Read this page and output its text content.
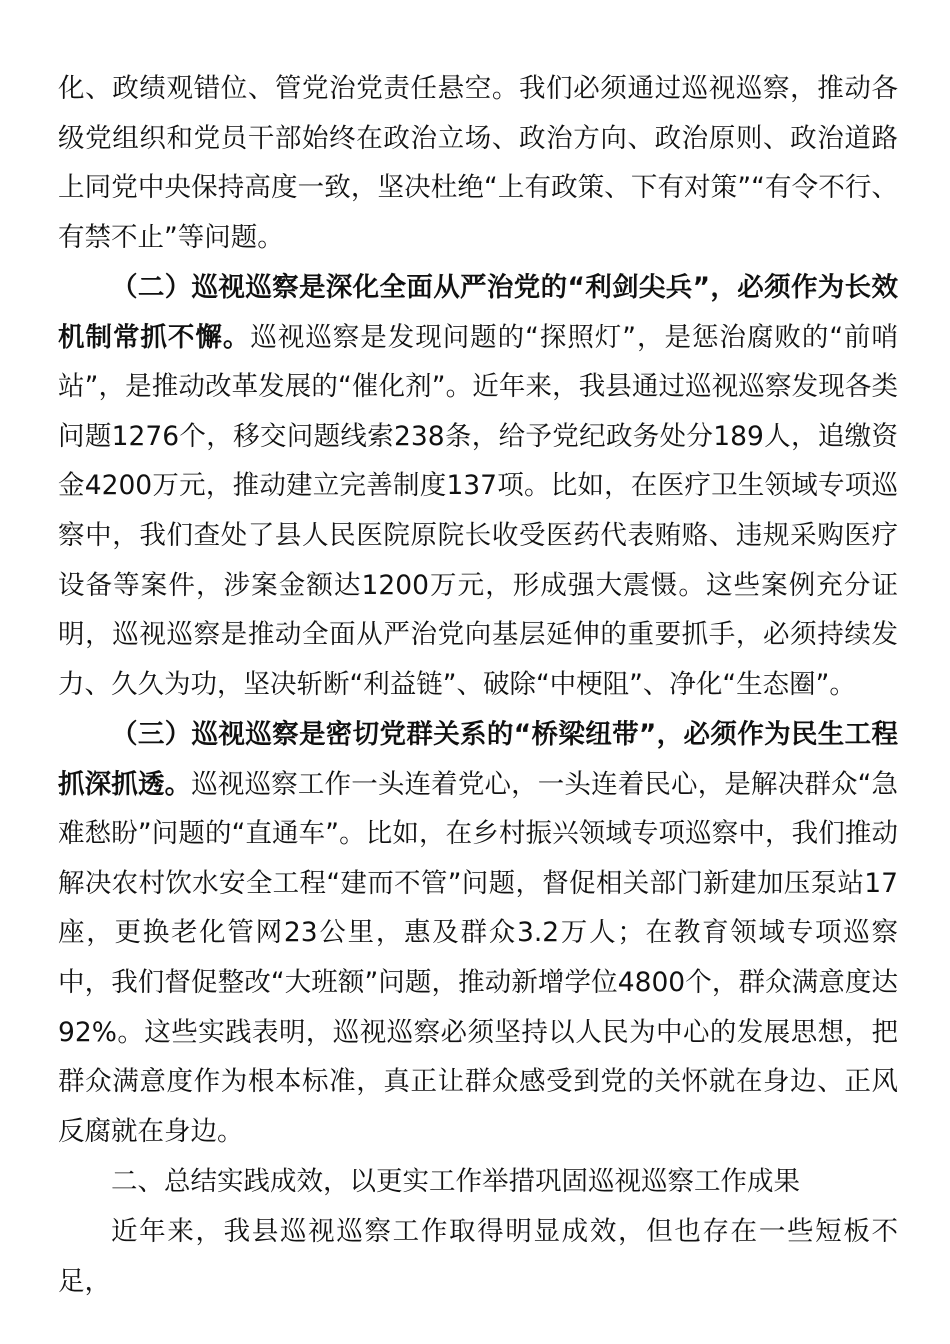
化、政绩观错位、管党治党责任悬空。我们必须通过巡视巡察，推动各级党组织和党员干部始终在政治立场、政治方向、政治原则、政治道路上同党中央保持高度一致，坚决杜绝“上有政策、下有对策”“有令不行、有禁不止”等问题。

（二）巡视巡察是深化全面从严治党的“利剑尖兵”，必须作为长效机制常抓不懈。巡视巡察是发现问题的“探照灯”，是惩治腐败的“前哨站”，是推动改革发展的“催化剂”。近年来，我县通过巡视巡察发现各类问题1276个，移交问题线索238条，给予党纪政务处分189人，追缴资金4200万元，推动建立完善制度137项。比如，在医疗卫生领域专项巡察中，我们查处了县人民医院原院长收受医药代表贿赂、违规采购医疗设备等案件，涉案金额达1200万元，形成强大震慑。这些案例充分证明，巡视巡察是推动全面从严治党向基层延伸的重要抓手，必须持续发力、久久为功，坚决斩断“利益链”、破除“中梗阻”、净化“生态圈”。

（三）巡视巡察是密切党群关系的“桥梁纽带”，必须作为民生工程抓深抓透。巡视巡察工作一头连着党心，一头连着民心，是解决群众“急难愁盼”问题的“直通车”。比如，在乡村振兴领域专项巡察中，我们推动解决农村饮水安全工程“建而不管”问题，督促相关部门新建加压泵站17座，更换老化管网23公里，惠及群众3.2万人；在教育领域专项巡察中，我们督促整改“大班额”问题，推动新增学位4800个，群众满意度达92%。这些实践表明，巡视巡察必须坚持以人民为中心的发展思想，把群众满意度作为根本标准，真正让群众感受到党的关怀就在身边、正风反腐就在身边。

二、总结实践成效，以更实工作举措巩固巡视巡察工作成果

近年来，我县巡视巡察工作取得明显成效，但也存在一些短板不足，
